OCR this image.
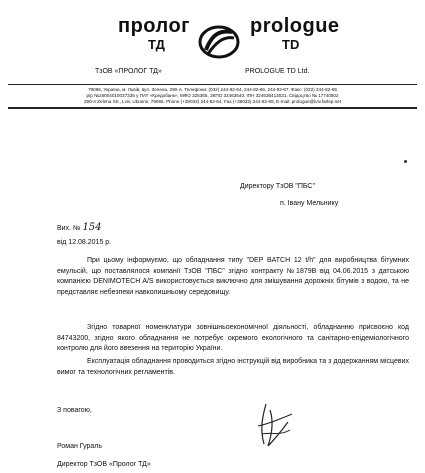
пролог
ТД
prologue
TD
ТзОВ «ПРОЛОГ ТД»	PROLOGUE TD Ltd.
79066, Україна, м. Львів, вул. Зелена, 290-А. Телефони: (032) 244-82-64, 244-82-66, 244-82-67. Факс: (032) 244-82-65
р/р №26004010037335 у ПАТ «Кредобанк», МФО 325365, ЗКПО 32463640, ІПН 324636413031, Свідоцтво № 17740502
290-A Zelena Str., Lviv, Ukraine, 79066. Phone (+38032) 244-82-64, Fax (+38032) 244-82-65, E-mail: prologue@lviv.farlep.net
Директору ТзОВ "ПБС"
п. Івану Мельнику
Вих. № 154
від 12.08.2015 р.
При цьому інформуємо, що обладнання типу "DEP BATCH 12 t/h" для виробництва бітумних емульсій, що поставлялося компанії ТзОВ "ПБС" згідно контракту №1879В від 04.06.2015 з датською компанією DENIMOTECH A/S використовується виключно для змішування дорожніх бітумів з водою, та не представляє небезпеки навколишньому середовищу.
Згідно товарної номенклатури зовнішньоекономічної діяльності, обладнанню присвоєно код 84743200, згідно якого обладнання не потребує окремого екологічного та санітарно-епідеміологічного контролю для його ввезення на територію України.
Експлуатація обладнання проводиться згідно інструкцій від виробника та з додержанням місцевих вимог та технологічних регламентів.
З повагою,
Роман Гураль
Директор ТзОВ «Пролог ТД»
